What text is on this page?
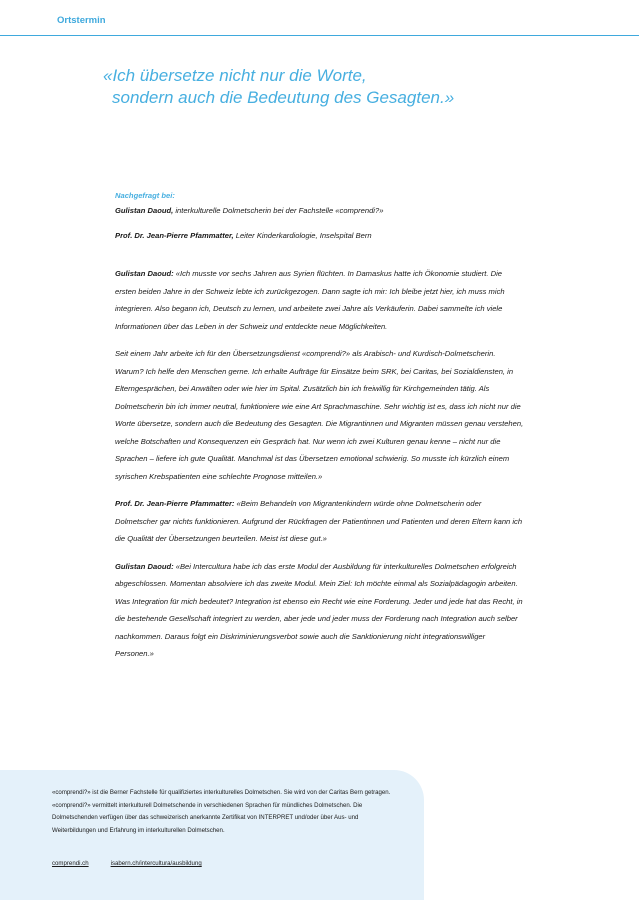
Ortstermin
«Ich übersetze nicht nur die Worte,
sondern auch die Bedeutung des Gesagten.»
Nachgefragt bei:
Gulistan Daoud, interkulturelle Dolmetscherin bei der Fachstelle «comprendi?»
Prof. Dr. Jean-Pierre Pfammatter, Leiter Kinderkardiologie, Inselspital Bern

Gulistan Daoud: «Ich musste vor sechs Jahren aus Syrien flüchten. In Damaskus hatte ich Ökonomie studiert. Die ersten beiden Jahre in der Schweiz lebte ich zurückgezogen. Dann sagte ich mir: Ich bleibe jetzt hier, ich muss mich integrieren. Also begann ich, Deutsch zu lernen, und arbeitete zwei Jahre als Verkäuferin. Dabei sammelte ich viele Informationen über das Leben in der Schweiz und entdeckte neue Möglichkeiten.

Seit einem Jahr arbeite ich für den Übersetzungsdienst «comprendi?» als Arabisch- und Kurdisch-Dolmetscherin. Warum? Ich helfe den Menschen gerne. Ich erhalte Aufträge für Einsätze beim SRK, bei Caritas, bei Sozialdiensten, in Elterngesprächen, bei Anwälten oder wie hier im Spital. Zusätzlich bin ich freiwillig für Kirchgemeinden tätig. Als Dolmetscherin bin ich immer neutral, funktioniere wie eine Art Sprachmaschine. Sehr wichtig ist es, dass ich nicht nur die Worte übersetze, sondern auch die Bedeutung des Gesagten. Die Migrantinnen und Migranten müssen genau verstehen, welche Botschaften und Konsequenzen ein Gespräch hat. Nur wenn ich zwei Kulturen genau kenne – nicht nur die Sprachen – liefere ich gute Qualität. Manchmal ist das Übersetzen emotional schwierig. So musste ich kürzlich einem syrischen Krebspatienten eine schlechte Prognose mitteilen.»

Prof. Dr. Jean-Pierre Pfammatter: «Beim Behandeln von Migrantenkindern würde ohne Dolmetscherin oder Dolmetscher gar nichts funktionieren. Aufgrund der Rückfragen der Patientinnen und Patienten und deren Eltern kann ich die Qualität der Übersetzungen beurteilen. Meist ist diese gut.»

Gulistan Daoud: «Bei Intercultura habe ich das erste Modul der Ausbildung für interkulturelles Dolmetschen erfolgreich abgeschlossen. Momentan absolviere ich das zweite Modul. Mein Ziel: Ich möchte einmal als Sozialpädagogin arbeiten. Was Integration für mich bedeutet? Integration ist ebenso ein Recht wie eine Forderung. Jeder und jede hat das Recht, in die bestehende Gesellschaft integriert zu werden, aber jede und jeder muss der Forderung nach Integration auch selber nachkommen. Daraus folgt ein Diskriminierungsverbot sowie auch die Sanktionierung nicht integrationswilliger Personen.»

«comprendi?» ist die Berner Fachstelle für qualifiziertes interkulturelles Dolmetschen. Sie wird von der Caritas Bern getragen. «comprendi?» vermittelt interkulturell Dolmetschende in verschiedenen Sprachen für mündliches Dolmetschen. Die Dolmetschenden verfügen über das schweizerisch anerkannte Zertifikat von INTERPRET und/oder über Aus- und Weiterbildungen und Erfahrung im interkulturellen Dolmetschen.
comprendi.ch	isabern.ch/intercultura/ausbildung
